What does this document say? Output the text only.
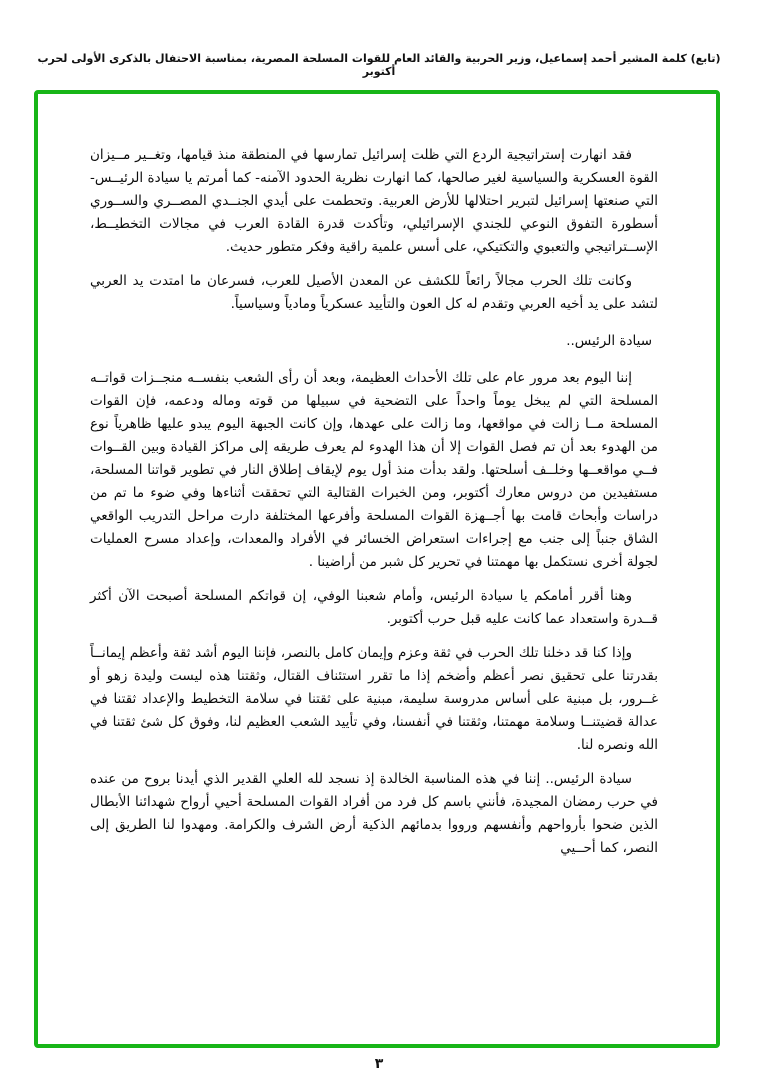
(تابع) كلمة المشير أحمد إسماعيل، وزير الحربية والقائد العام للقوات المسلحة المصرية، بمناسبة الاحتفال بالذكرى الأولى لحرب أكتوبر

فقد انهارت إستراتيجية الردع التي ظلت إسرائيل تمارسها في المنطقة منذ قيامها، وتغــير مــيزان القوة العسكرية والسياسية لغير صالحها، كما انهارت نظرية الحدود الآمنه- كما أمرتم يا سيادة الرئيــس- التي صنعتها إسرائيل لتبرير احتلالها للأرض العربية. وتحطمت على أيدي الجنــدي المصــري والســوري أسطورة التفوق النوعي للجندي الإسرائيلي، وتأكدت قدرة القادة العرب في مجالات التخطيــط، الإســتراتيجي والتعبوي والتكتيكي، على أسس علمية راقية وفكر متطور حديث.

وكانت تلك الحرب مجالاً رائعاً للكشف عن المعدن الأصيل للعرب، فسرعان ما امتدت يد العربي لتشد على يد أخيه العربي وتقدم له كل العون والتأييد عسكرياً ومادياً وسياسياً.

سيادة الرئيس..

إننا اليوم بعد مرور عام على تلك الأحداث العظيمة، وبعد أن رأى الشعب بنفســه منجــزات قواتــه المسلحة التي لم يبخل يوماً واحداً على التضحية في سبيلها من قوته وماله ودعمه، فإن القوات المسلحة مــا زالت في مواقعها، وما زالت على عهدها، وإن كانت الجبهة اليوم يبدو عليها ظاهرياً نوع من الهدوء بعد أن تم فصل القوات إلا أن هذا الهدوء لم يعرف طريقه إلى مراكز القيادة وبين القــوات فــي مواقعــها وخلــف أسلحتها. ولقد بدأت منذ أول يوم لإيقاف إطلاق النار في تطوير قواتنا المسلحة، مستفيدين من دروس معارك أكتوبر، ومن الخبرات القتالية التي تحققت أثناءها وفي ضوء ما تم من دراسات وأبحاث قامت بها أجــهزة القوات المسلحة وأفرعها المختلفة دارت مراحل التدريب الواقعي الشاق جنباً إلى جنب مع إجراءات استعراض الخسائر في الأفراد والمعدات، وإعداد مسرح العمليات لجولة أخرى نستكمل بها مهمتنا في تحرير كل شبر من أراضينا .

وهنا أقرر أمامكم يا سيادة الرئيس، وأمام شعبنا الوفي، إن قواتكم المسلحة أصبحت الآن أكثر قــدرة واستعداد عما كانت عليه قبل حرب أكتوبر.

وإذا كنا قد دخلنا تلك الحرب في ثقة وعزم وإيمان كامل بالنصر، فإننا اليوم أشد ثقة وأعظم إيمانــاً بقدرتنا على تحقيق نصر أعظم وأضخم إذا ما تقرر استئناف القتال، وثقتنا هذه ليست وليدة زهو أو غــرور، بل مبنية على أساس مدروسة سليمة، مبنية على ثقتنا في سلامة التخطيط والإعداد ثقتنا في عدالة قضيتنــا وسلامة مهمتنا، وثقتنا في أنفسنا، وفي تأييد الشعب العظيم لنا، وفوق كل شئ ثقتنا في الله ونصره لنا.

سيادة الرئيس.. إننا في هذه المناسبة الخالدة إذ نسجد لله العلي القدير الذي أيدنا بروح من عنده في حرب رمضان المجيدة، فأنني باسم كل فرد من أفراد القوات المسلحة أحيي أرواح شهدائنا الأبطال الذين ضحوا بأرواحهم وأنفسهم ورووا بدمائهم الذكية أرض الشرف والكرامة. ومهدوا لنا الطريق إلى النصر، كما أحــيي

٣
